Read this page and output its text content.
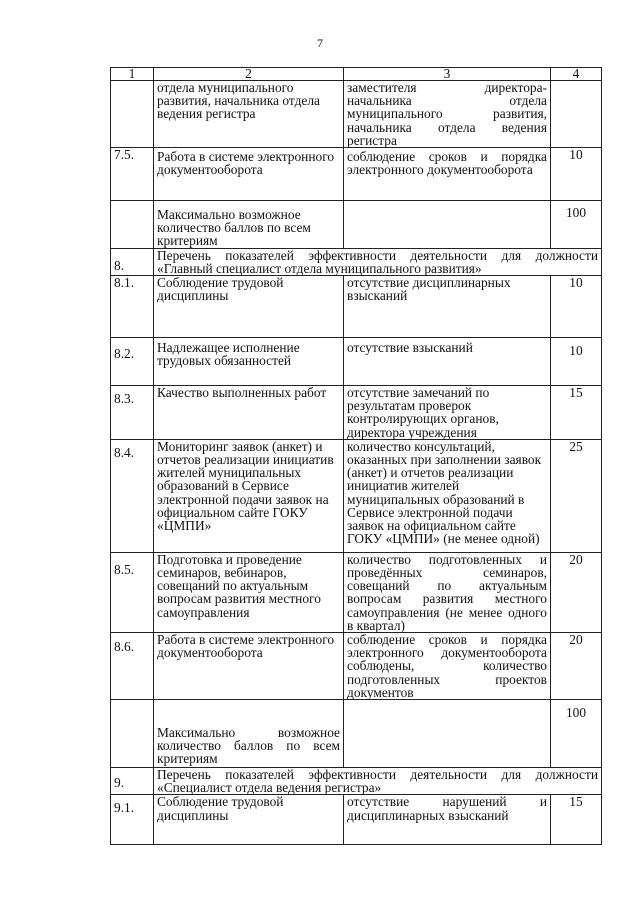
7
1	2	3	4
	отдела муниципального развития, начальника отдела ведения регистра	заместителя директора-начальника отдела муниципального развития, начальника отдела ведения регистра	
7.5.	Работа в системе электронного документооборота	соблюдение сроков и порядка электронного документооборота	10
	Максимально возможное количество баллов по всем критериям		100
8.	Перечень показателей эффективности деятельности для должности «Главный специалист отдела муниципального развития»		
8.1.	Соблюдение трудовой дисциплины	отсутствие дисциплинарных взысканий	10
8.2.	Надлежащее исполнение трудовых обязанностей	отсутствие взысканий	10
8.3.	Качество выполненных работ	отсутствие замечаний по результатам проверок контролирующих органов, директора учреждения	15
8.4.	Мониторинг заявок (анкет) и отчетов реализации инициатив жителей муниципальных образований в Сервисе электронной подачи заявок на официальном сайте ГОКУ «ЦМПИ»	количество консультаций, оказанных при заполнении заявок (анкет) и отчетов реализации инициатив жителей муниципальных образований в Сервисе электронной подачи заявок на официальном сайте ГОКУ «ЦМПИ» (не менее одной)	25
8.5.	Подготовка и проведение семинаров, вебинаров, совещаний по актуальным вопросам развития местного самоуправления	количество подготовленных и проведённых семинаров, совещаний по актуальным вопросам развития местного самоуправления (не менее одного в квартал)	20
8.6.	Работа в системе электронного документооборота	соблюдение сроков и порядка электронного документооборота соблюдены, количество подготовленных проектов документов	20
	Максимально возможное количество баллов по всем критериям		100
9.	Перечень показателей эффективности деятельности для должности «Специалист отдела ведения регистра»		
9.1.	Соблюдение трудовой дисциплины	отсутствие нарушений и дисциплинарных взысканий	15
